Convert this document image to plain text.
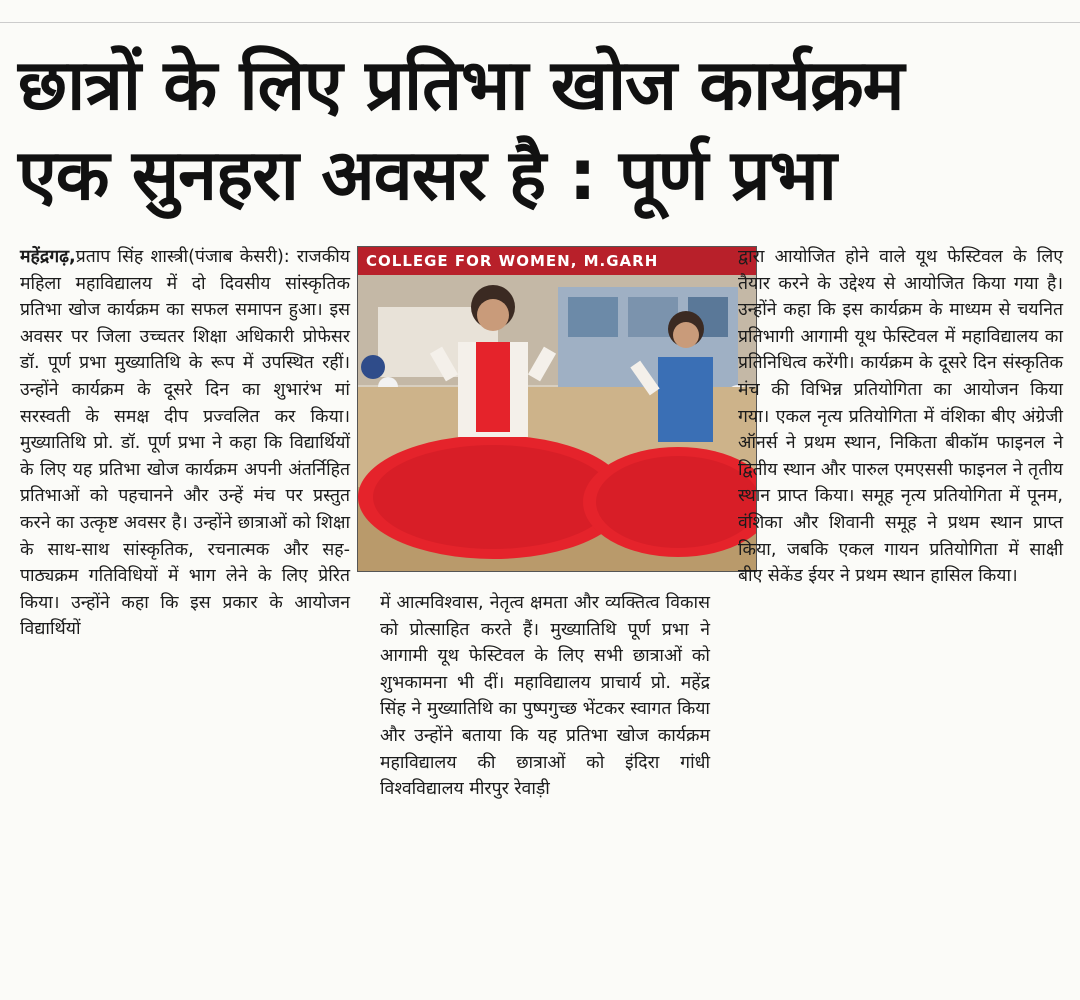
छात्रों के लिए प्रतिभा खोज कार्यक्रम
एक सुनहरा अवसर है : पूर्ण प्रभा

महेंद्रगढ़,प्रताप सिंह शास्त्री(पंजाब केसरी): राजकीय महिला महाविद्यालय में दो दिवसीय सांस्कृतिक प्रतिभा खोज कार्यक्रम का सफल समापन हुआ। इस अवसर पर जिला उच्चतर शिक्षा अधिकारी प्रोफेसर डॉ. पूर्ण प्रभा मुख्यातिथि के रूप में उपस्थित रहीं। उन्होंने कार्यक्रम के दूसरे दिन का शुभारंभ मां सरस्वती के समक्ष दीप प्रज्वलित कर किया। मुख्यातिथि प्रो. डॉ. पूर्ण प्रभा ने कहा कि विद्यार्थियों के लिए यह प्रतिभा खोज कार्यक्रम अपनी अंतर्निहित प्रतिभाओं को पहचानने और उन्हें मंच पर प्रस्तुत करने का उत्कृष्ट अवसर है। उन्होंने छात्राओं को शिक्षा के साथ-साथ सांस्कृतिक, रचनात्मक और सह-पाठ्यक्रम गतिविधियों में भाग लेने के लिए प्रेरित किया। उन्होंने कहा कि इस प्रकार के आयोजन विद्यार्थियों

COLLEGE FOR WOMEN, M.GARH

में आत्मविश्वास, नेतृत्व क्षमता और व्यक्तित्व विकास को प्रोत्साहित करते हैं। मुख्यातिथि पूर्ण प्रभा ने आगामी यूथ फेस्टिवल के लिए सभी छात्राओं को शुभकामना भी दीं। महाविद्यालय प्राचार्य प्रो. महेंद्र सिंह ने मुख्यातिथि का पुष्पगुच्छ भेंटकर स्वागत किया और उन्होंने बताया कि यह प्रतिभा खोज कार्यक्रम महाविद्यालय की छात्राओं को इंदिरा गांधी विश्वविद्यालय मीरपुर रेवाड़ी

द्वारा आयोजित होने वाले यूथ फेस्टिवल के लिए तैयार करने के उद्देश्य से आयोजित किया गया है। उन्होंने कहा कि इस कार्यक्रम के माध्यम से चयनित प्रतिभागी आगामी यूथ फेस्टिवल में महाविद्यालय का प्रतिनिधित्व करेंगी। कार्यक्रम के दूसरे दिन संस्कृतिक मंच की विभिन्न प्रतियोगिता का आयोजन किया गया। एकल नृत्य प्रतियोगिता में वंशिका बीए अंग्रेजी ऑनर्स ने प्रथम स्थान, निकिता बीकॉम फाइनल ने द्वितीय स्थान और पारुल एमएससी फाइनल ने तृतीय स्थान प्राप्त किया। समूह नृत्य प्रतियोगिता में पूनम, वंशिका और शिवानी समूह ने प्रथम स्थान प्राप्त किया, जबकि एकल गायन प्रतियोगिता में साक्षी बीए सेकेंड ईयर ने प्रथम स्थान हासिल किया।
